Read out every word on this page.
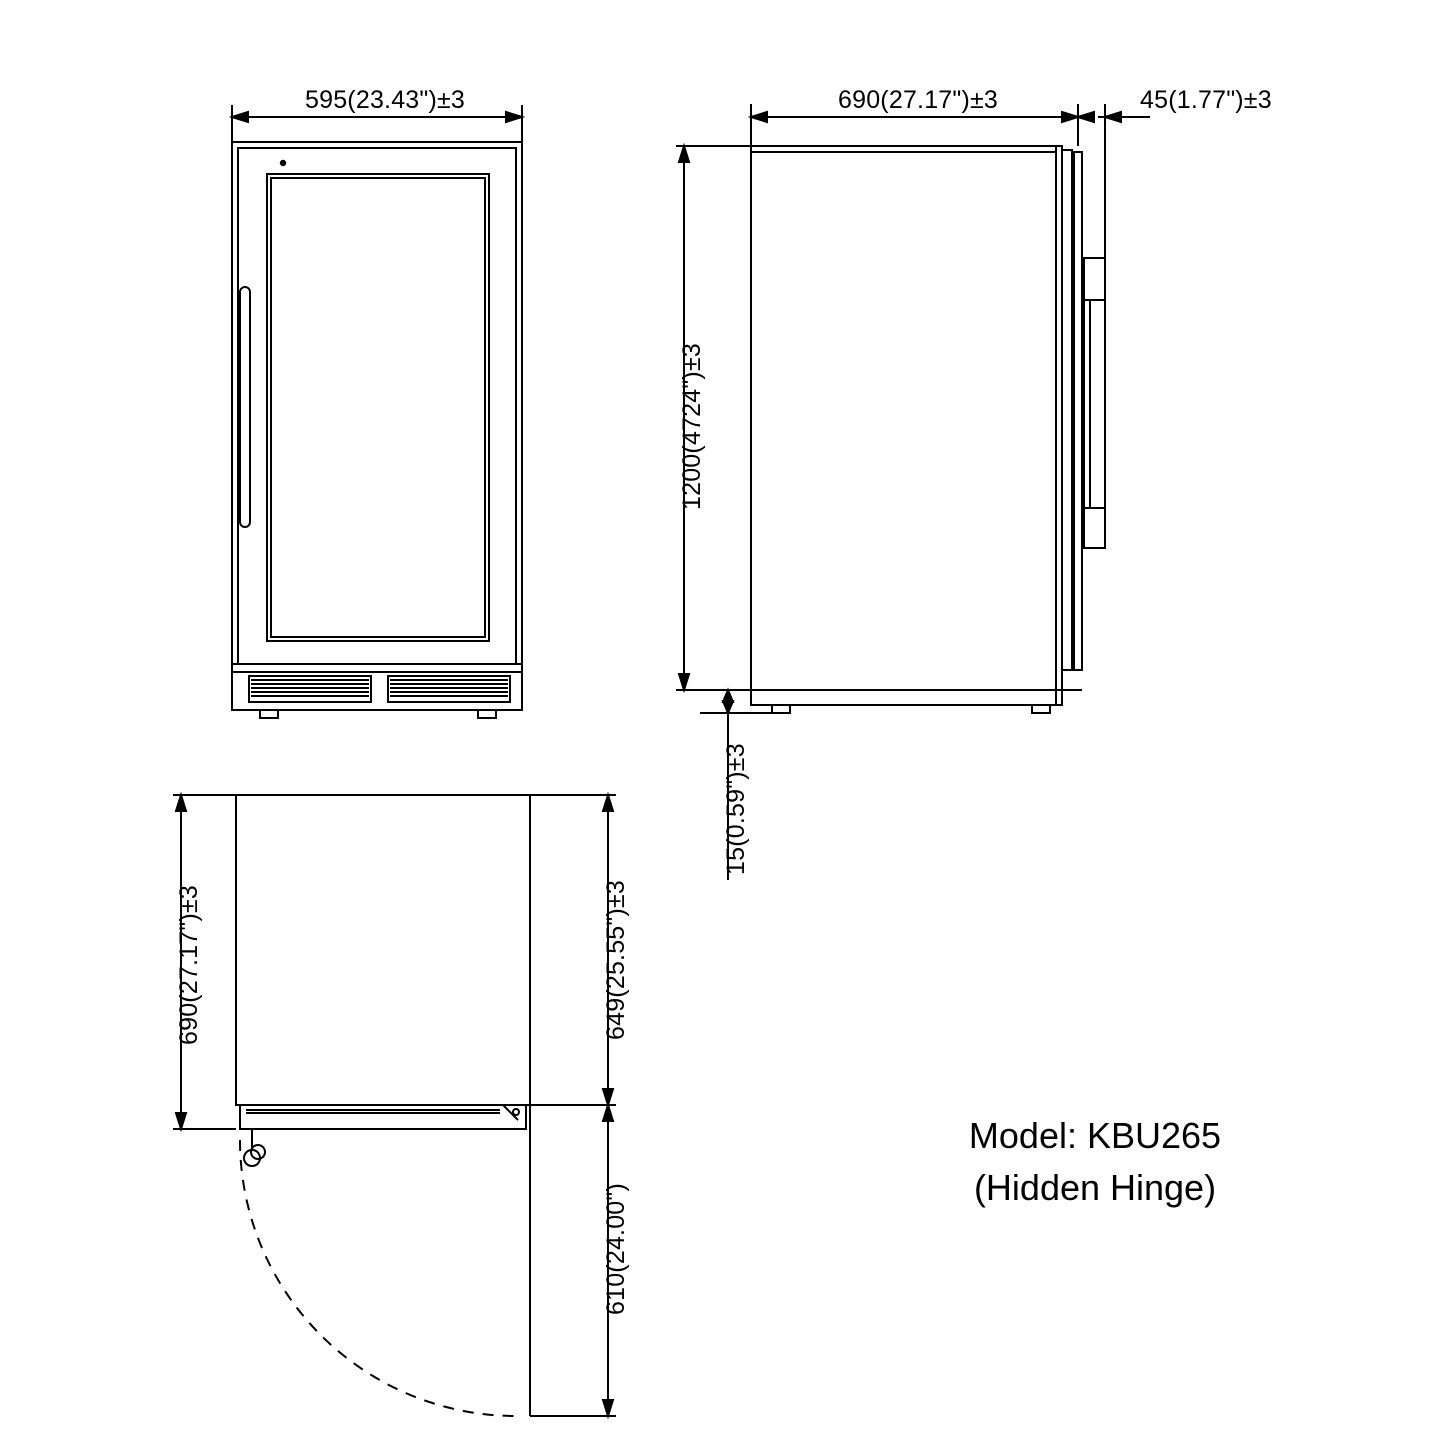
595(23.43")±3	690(27.17")±3	45(1.77")±3
1200(4724")±3
15(0.59")±3
690(27.17")±3	649(25.55")±3
610(24.00")
Model: KBU265
(Hidden Hinge)
